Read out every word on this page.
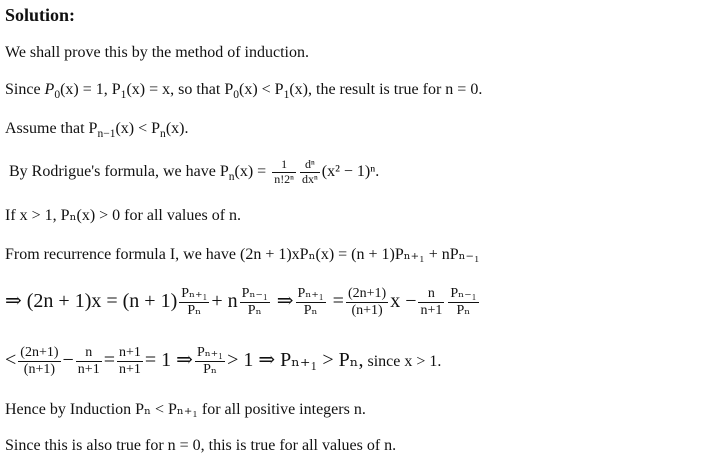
Solution:
We shall prove this by the method of induction.
Since $P_0(x) = 1$, $P_1(x) = x$, so that $P_0(x) < P_1(x)$, the result is true for n = 0.
Assume that $P_{n-1}(x) < P_n(x)$.
By Rodrigue's formula, we have $P_n(x) = \frac{1}{\text{n!2ⁿ}}$ dⁿ
dxⁿ (x² − 1)ⁿ.
If x > 1, Pₙ(x) > 0 for all values of n.
From recurrence formula I, we have (2n + 1)xPₙ(x) = (n + 1)Pₙ₊₁ + nPₙ₋₁
⇒ $(2n + 1)x = (n + 1) \frac{\text{Pₙ₊₁}}{\text{Pₙ}} + n \frac{\text{Pₙ₋₁}}{\text{Pₙ}}$ ⇒ $\frac{\text{Pₙ₊₁}}{\text{Pₙ}} = \frac{(2n+1)}{(n+1)}$ $x - \frac{n}{n+1} \frac{\text{Pₙ₋₁}}{\text{Pₙ}}$
< $\frac{(2n+1)}{(n+1)} - \frac{n}{n+1} = \frac{n+1}{n+1} = 1$ ⇒ $\frac{\text{Pₙ₊₁}}{\text{Pₙ}} > 1$ ⇒ Pₙ₊₁ > Pₙ, since x > 1.
Hence by Induction Pₙ < Pₙ₊₁ for all positive integers n.
Since this is also true for n = 0, this is true for all values of n.
